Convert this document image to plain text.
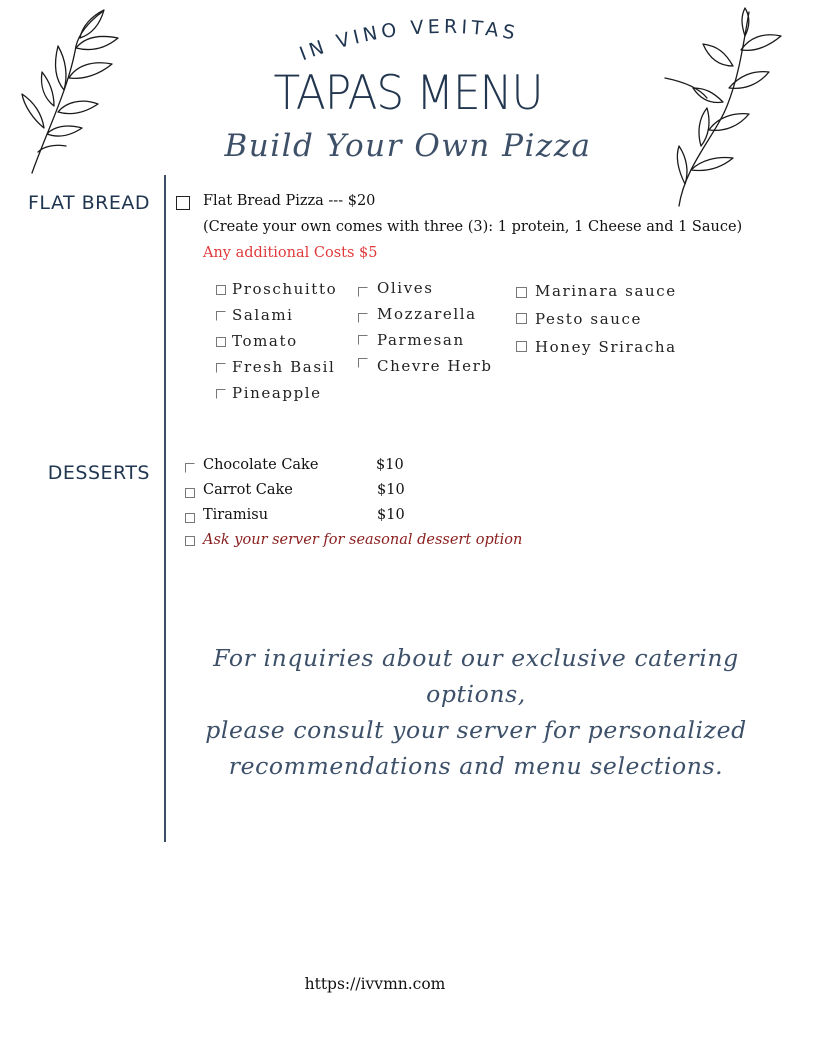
IN VINO VERITAS
TAPAS MENU
Build Your Own Pizza
FLAT BREAD	Flat Bread Pizza --- $20
(Create your own comes with three (3): 1 protein, 1 Cheese and 1 Sauce)
Any additional Costs $5
Proschuitto
Salami
Tomato
Fresh Basil
Pineapple
Olives
Mozzarella
Parmesan
Chevre Herb
Marinara sauce
Pesto sauce
Honey Sriracha
DESSERTS	Chocolate Cake	$10
Carrot Cake	$10
Tiramisu	$10
Ask your server for seasonal dessert option
For inquiries about our exclusive catering options,
please consult your server for personalized
recommendations and menu selections.
https://ivvmn.com
